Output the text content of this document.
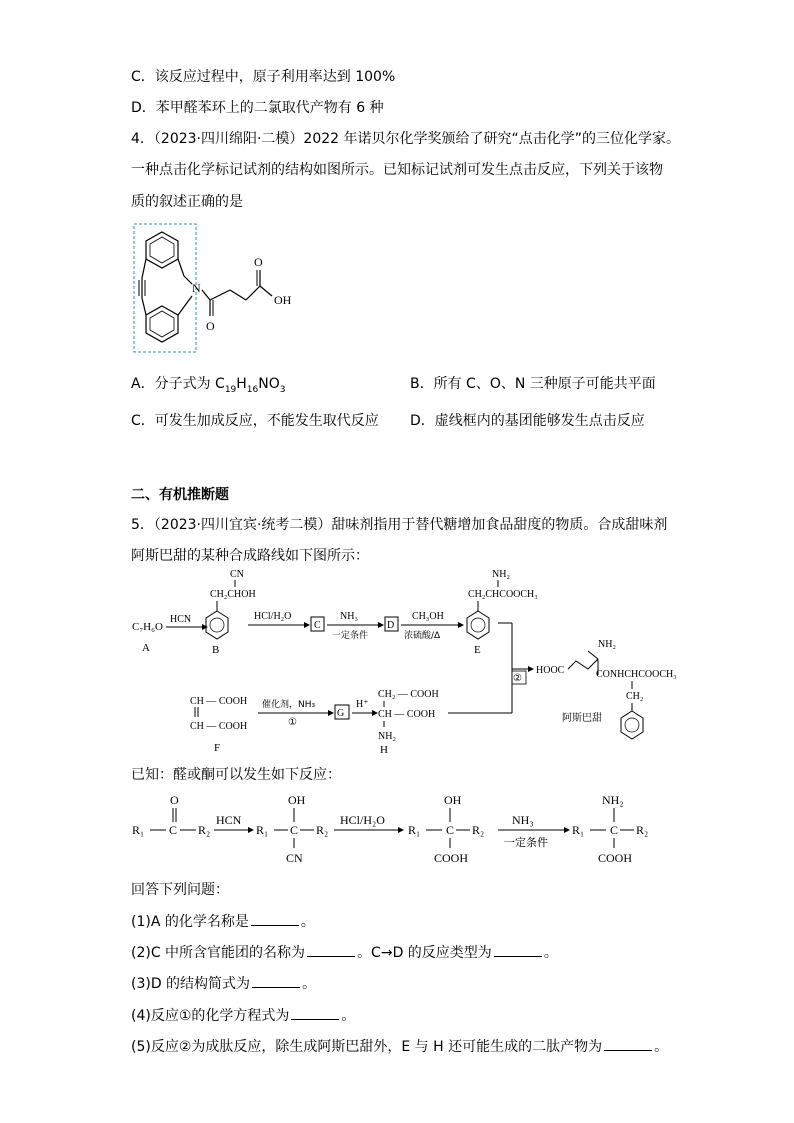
C．该反应过程中，原子利用率达到 100%
D．苯甲醛苯环上的二氯取代产物有 6 种
4．（2023·四川绵阳·二模）2022 年诺贝尔化学奖颁给了研究“点击化学”的三位化学家。
一种点击化学标记试剂的结构如图所示。已知标记试剂可发生点击反应，下列关于该物
质的叙述正确的是
N
O
O
OH
A．分子式为 $C_{19}H_{16}NO_3$	B．所有 C、O、N 三种原子可能共平面
C．可发生加成反应，不能发生取代反应 D．虚线框内的基团能够发生点击反应
二、有机推断题
5．（2023·四川宜宾·统考二模）甜味剂指用于替代糖增加食品甜度的物质。合成甜味剂
阿斯巴甜的某种合成路线如下图所示：
C₇H₆O
A
HCN
CN
CH₂CHOH
B
HCl/H₂O
C
NH₃
一定条件
D
CH₃OH
浓硫酸/Δ
NH₂
CH₂CHCOOCH₃
E
②
NH₂
HOOC	CONHCHCOOCH₃
CH₂
阿斯巴甜
CH — COOH
CH — COOH
F
催化剂，NH₃
①
G
H⁺
CH₂ — COOH
CH — COOH
NH₂
H
已知：醛或酮可以发生如下反应：
O
R₁ C R₂
HCN
R₁
OH
C R₂
CN
HCl/H₂O
R₁
OH
C R₂
COOH
NH₃
一定条件
R₁
NH₂
C R₂
COOH
回答下列问题：
(1)A 的化学名称是	。
(2)C 中所含官能团的名称为	。C→D 的反应类型为	。
(3)D 的结构简式为	。
(4)反应①的化学方程式为	。
(5)反应②为成肽反应，除生成阿斯巴甜外，E 与 H 还可能生成的二肽产物为	。
